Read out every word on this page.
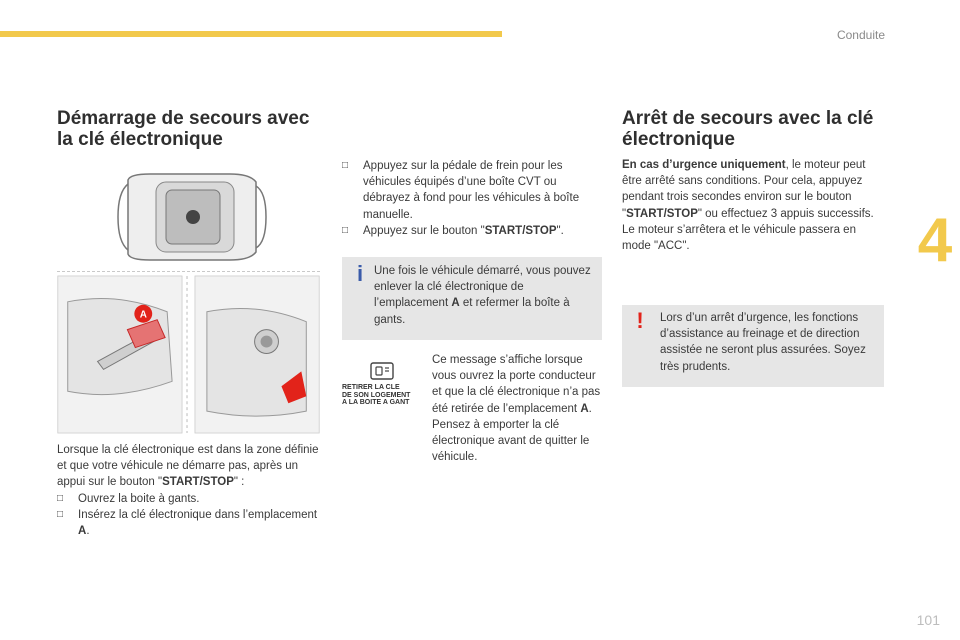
Conduite
4
101
Démarrage de secours avec
la clé électronique
A
Lorsque la clé électronique est dans la zone définie et que votre véhicule ne démarre pas, après un appui sur le bouton "START/STOP" :
□	Ouvrez la boite à gants.
□	Insérez la clé électronique dans l’emplacement A.
□	Appuyez sur la pédale de frein pour les véhicules équipés d’une boîte CVT ou débrayez à fond pour les véhicules à boîte manuelle.
□	Appuyez sur le bouton "START/STOP".
i Une fois le véhicule démarré, vous pouvez enlever la clé électronique de l’emplacement A et refermer la boîte à gants.
RETIRER LA CLE
DE SON LOGEMENT
A LA BOITE A GANT
Ce message s’affiche lorsque vous ouvrez la porte conducteur et que la clé électronique n’a pas été retirée de l’emplacement A. Pensez à emporter la clé électronique avant de quitter le véhicule.
Arrêt de secours avec la clé
électronique
En cas d’urgence uniquement, le moteur peut être arrêté sans conditions. Pour cela, appuyez pendant trois secondes environ sur le bouton "START/STOP" ou effectuez 3 appuis successifs.
Le moteur s’arrêtera et le véhicule passera en mode "ACC".
!	Lors d’un arrêt d’urgence, les fonctions d’assistance au freinage et de direction assistée ne seront plus assurées. Soyez très prudents.
